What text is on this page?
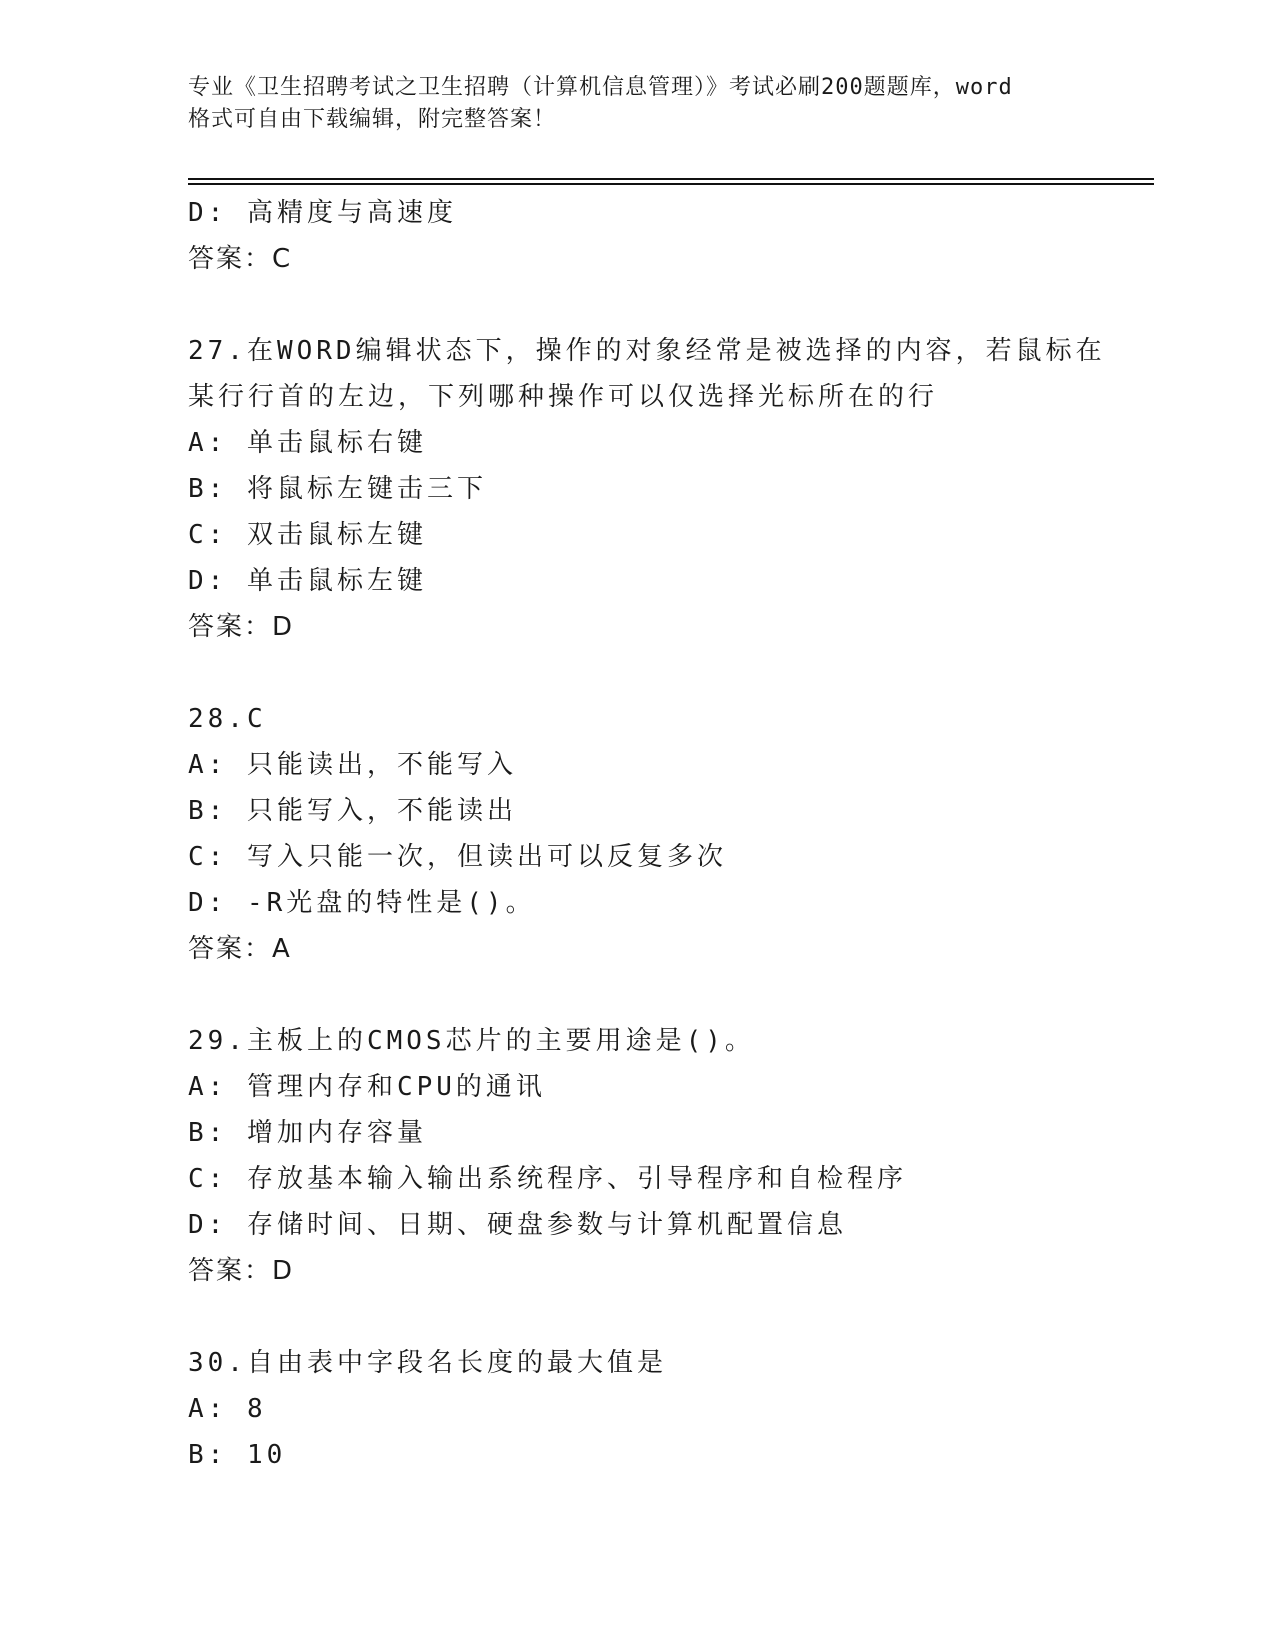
专业《卫生招聘考试之卫生招聘（计算机信息管理）》考试必刷200题题库，word
格式可自由下载编辑，附完整答案！
D: 高精度与高速度
答案：C
27.在WORD编辑状态下，操作的对象经常是被选择的内容，若鼠标在
某行行首的左边，下列哪种操作可以仅选择光标所在的行
A: 单击鼠标右键
B: 将鼠标左键击三下
C: 双击鼠标左键
D: 单击鼠标左键
答案：D
28.C
A: 只能读出，不能写入
B: 只能写入，不能读出
C: 写入只能一次，但读出可以反复多次
D: -R光盘的特性是()。
答案：A
29.主板上的CMOS芯片的主要用途是()。
A: 管理内存和CPU的通讯
B: 增加内存容量
C: 存放基本输入输出系统程序、引导程序和自检程序
D: 存储时间、日期、硬盘参数与计算机配置信息
答案：D
30.自由表中字段名长度的最大值是
A: 8
B: 10
